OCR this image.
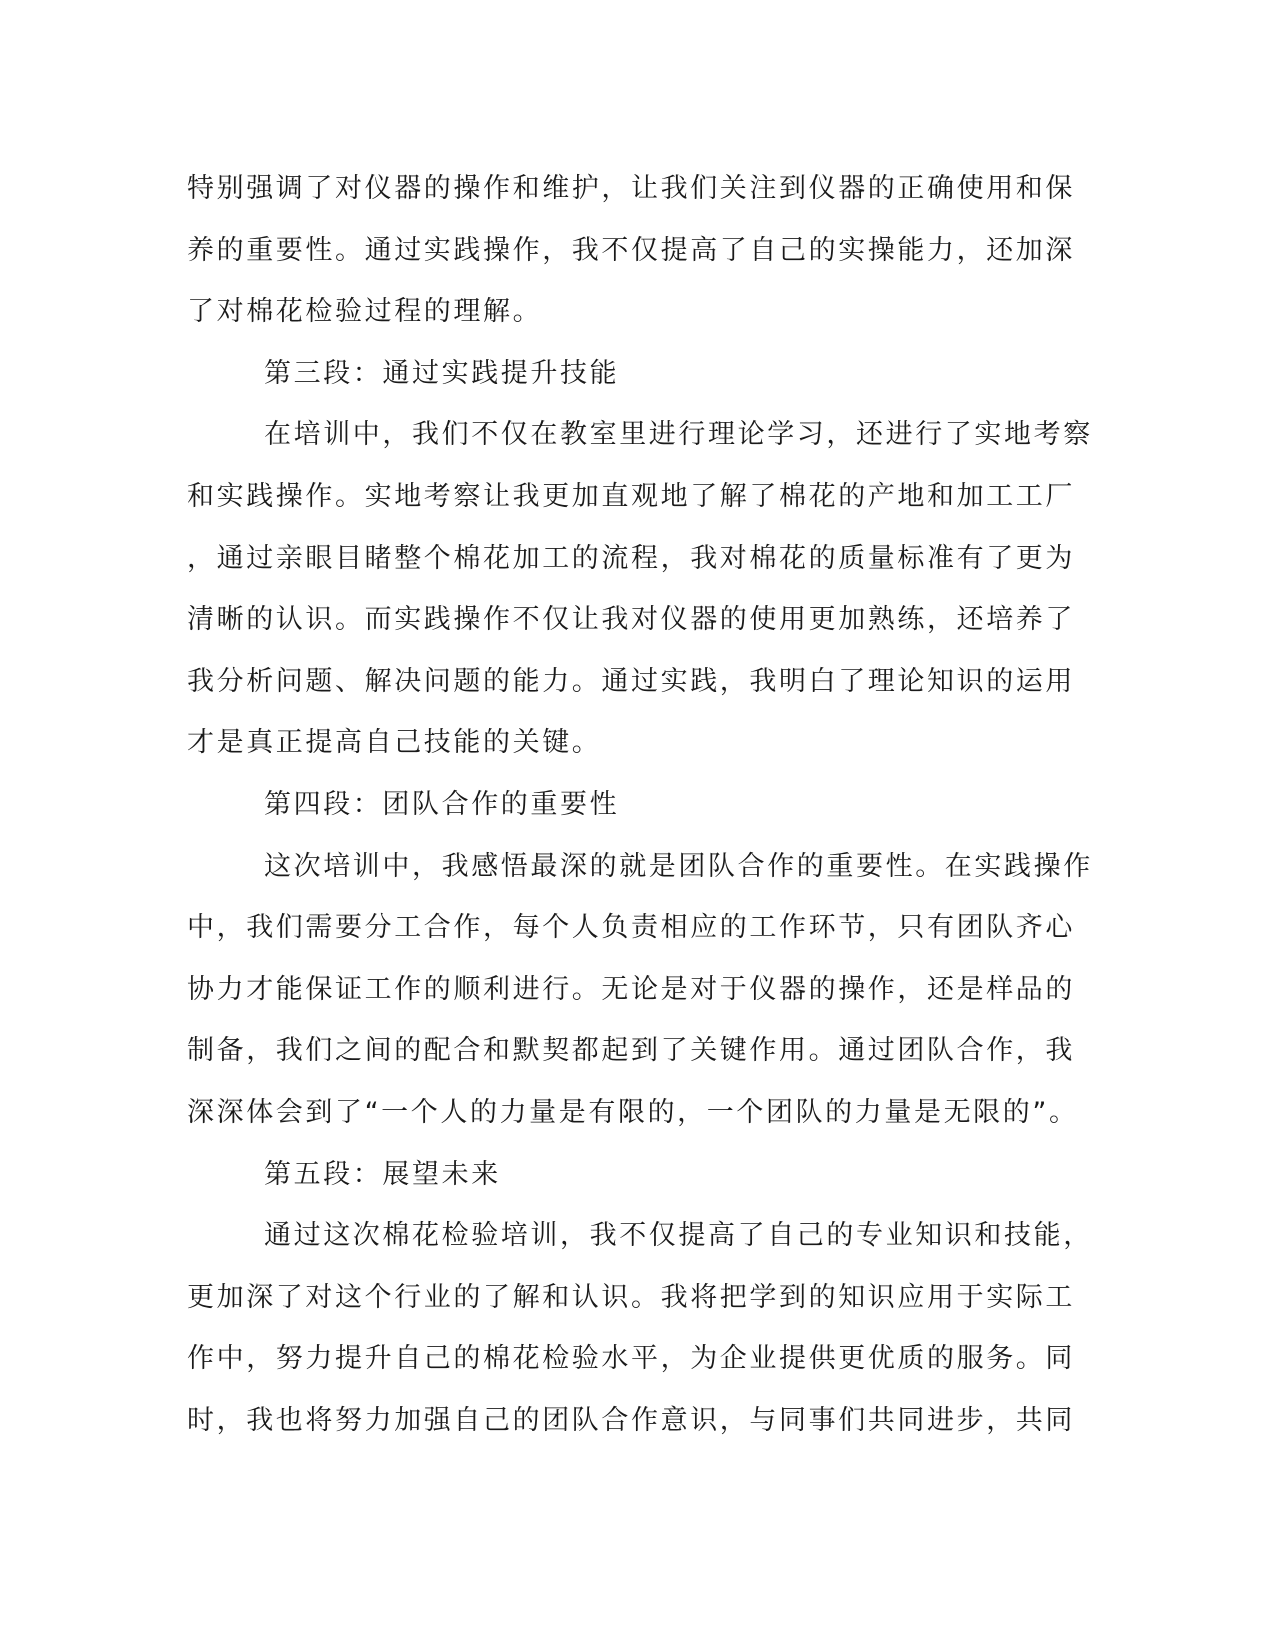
特别强调了对仪器的操作和维护，让我们关注到仪器的正确使用和保
养的重要性。通过实践操作，我不仅提高了自己的实操能力，还加深
了对棉花检验过程的理解。
第三段：通过实践提升技能
在培训中，我们不仅在教室里进行理论学习，还进行了实地考察
和实践操作。实地考察让我更加直观地了解了棉花的产地和加工工厂
，通过亲眼目睹整个棉花加工的流程，我对棉花的质量标准有了更为
清晰的认识。而实践操作不仅让我对仪器的使用更加熟练，还培养了
我分析问题、解决问题的能力。通过实践，我明白了理论知识的运用
才是真正提高自己技能的关键。
第四段：团队合作的重要性
这次培训中，我感悟最深的就是团队合作的重要性。在实践操作
中，我们需要分工合作，每个人负责相应的工作环节，只有团队齐心
协力才能保证工作的顺利进行。无论是对于仪器的操作，还是样品的
制备，我们之间的配合和默契都起到了关键作用。通过团队合作，我
深深体会到了“一个人的力量是有限的，一个团队的力量是无限的”。
第五段：展望未来
通过这次棉花检验培训，我不仅提高了自己的专业知识和技能，
更加深了对这个行业的了解和认识。我将把学到的知识应用于实际工
作中，努力提升自己的棉花检验水平，为企业提供更优质的服务。同
时，我也将努力加强自己的团队合作意识，与同事们共同进步，共同
